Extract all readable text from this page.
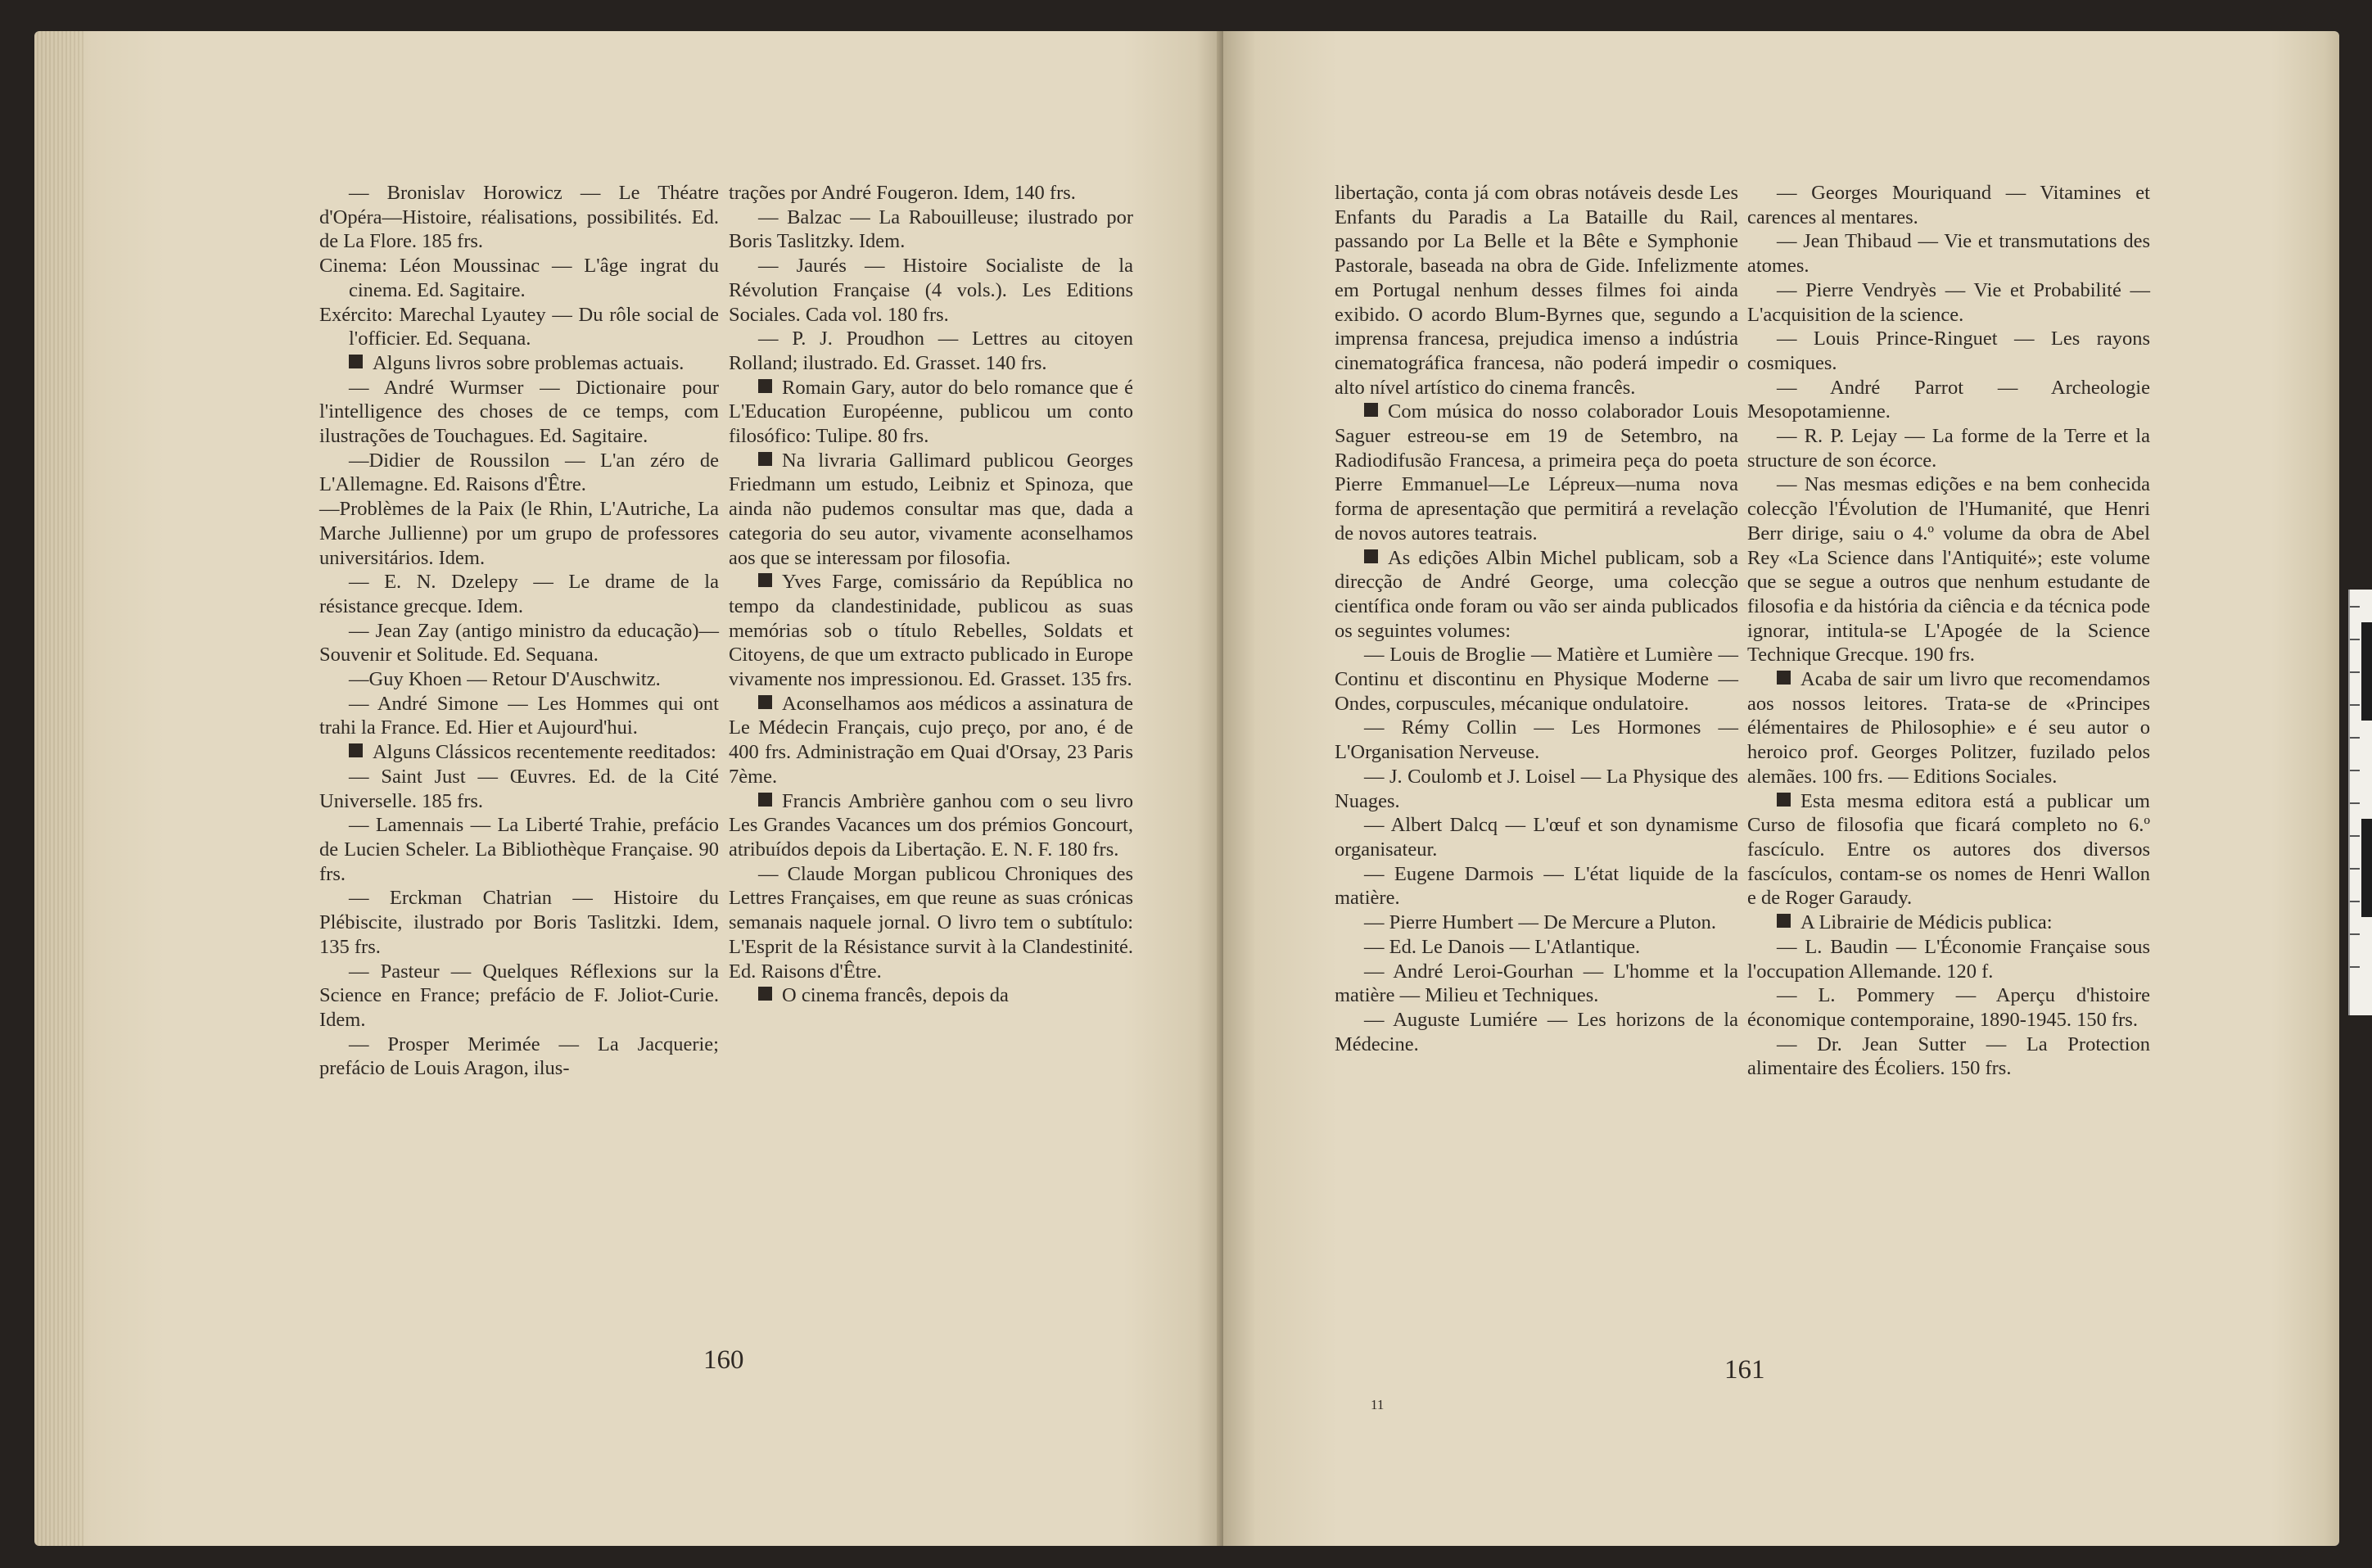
— Bronislav Horowicz — Le Théatre d'Opéra—Histoire, réalisations, possibilités. Ed. de La Flore. 185 frs.

Cinema: Léon Moussinac — L'âge ingrat du cinema. Ed. Sagitaire.

Exército: Marechal Lyautey — Du rôle social de l'officier. Ed. Sequana.

Alguns livros sobre problemas actuais.

— André Wurmser — Dictionaire pour l'intelligence des choses de ce temps, com ilustrações de Touchagues. Ed. Sagitaire.

—Didier de Roussilon — L'an zéro de L'Allemagne. Ed. Raisons d'Être.

—Problèmes de la Paix (le Rhin, L'Autriche, La Marche Jullienne) por um grupo de professores universitários. Idem.

— E. N. Dzelepy — Le drame de la résistance grecque. Idem.

— Jean Zay (antigo ministro da educação)—Souvenir et Solitude. Ed. Sequana.

—Guy Khoen — Retour D'Auschwitz.

— André Simone — Les Hommes qui ont trahi la France. Ed. Hier et Aujourd'hui.

Alguns Clássicos recentemente reeditados:

— Saint Just — Œuvres. Ed. de la Cité Universelle. 185 frs.

— Lamennais — La Liberté Trahie, prefácio de Lucien Scheler. La Bibliothèque Française. 90 frs.

— Erckman Chatrian — Histoire du Plébiscite, ilustrado por Boris Taslitzki. Idem, 135 frs.

— Pasteur — Quelques Réflexions sur la Science en France; prefácio de F. Joliot-Curie. Idem.

— Prosper Merimée — La Jacquerie; prefácio de Louis Aragon, ilus-

trações por André Fougeron. Idem, 140 frs.

— Balzac — La Rabouilleuse; ilustrado por Boris Taslitzky. Idem.

— Jaurés — Histoire Socialiste de la Révolution Française (4 vols.). Les Editions Sociales. Cada vol. 180 frs.

— P. J. Proudhon — Lettres au citoyen Rolland; ilustrado. Ed. Grasset. 140 frs.

Romain Gary, autor do belo romance que é L'Education Européenne, publicou um conto filosófico: Tulipe. 80 frs.

Na livraria Gallimard publicou Georges Friedmann um estudo, Leibniz et Spinoza, que ainda não pudemos consultar mas que, dada a categoria do seu autor, vivamente aconselhamos aos que se interessam por filosofia.

Yves Farge, comissário da República no tempo da clandestinidade, publicou as suas memórias sob o título Rebelles, Soldats et Citoyens, de que um extracto publicado in Europe vivamente nos impressionou. Ed. Grasset. 135 frs.

Aconselhamos aos médicos a assinatura de Le Médecin Français, cujo preço, por ano, é de 400 frs. Administração em Quai d'Orsay, 23 Paris 7ème.

Francis Ambrière ganhou com o seu livro Les Grandes Vacances um dos prémios Goncourt, atribuídos depois da Libertação. E. N. F. 180 frs.

— Claude Morgan publicou Chroniques des Lettres Françaises, em que reune as suas crónicas semanais naquele jornal. O livro tem o subtítulo: L'Esprit de la Résistance survit à la Clandestinité. Ed. Raisons d'Être.

O cinema francês, depois da

160

libertação, conta já com obras notáveis desde Les Enfants du Paradis a La Bataille du Rail, passando por La Belle et la Bête e Symphonie Pastorale, baseada na obra de Gide. Infelizmente em Portugal nenhum desses filmes foi ainda exibido. O acordo Blum-Byrnes que, segundo a imprensa francesa, prejudica imenso a indústria cinematográfica francesa, não poderá impedir o alto nível artístico do cinema francês.

Com música do nosso colaborador Louis Saguer estreou-se em 19 de Setembro, na Radiodifusão Francesa, a primeira peça do poeta Pierre Emmanuel—Le Lépreux—numa nova forma de apresentação que permitirá a revelação de novos autores teatrais.

As edições Albin Michel publicam, sob a direcção de André George, uma colecção científica onde foram ou vão ser ainda publicados os seguintes volumes:

— Louis de Broglie — Matière et Lumière — Continu et discontinu en Physique Moderne — Ondes, corpuscules, mécanique ondulatoire.

— Rémy Collin — Les Hormones — L'Organisation Nerveuse.

— J. Coulomb et J. Loisel — La Physique des Nuages.

— Albert Dalcq — L'œuf et son dynamisme organisateur.

— Eugene Darmois — L'état liquide de la matière.

— Pierre Humbert — De Mercure a Pluton.

— Ed. Le Danois — L'Atlantique.

— André Leroi-Gourhan — L'homme et la matière — Milieu et Techniques.

— Auguste Lumiére — Les horizons de la Médecine.

— Georges Mouriquand — Vitamines et carences al mentares.

— Jean Thibaud — Vie et transmutations des atomes.

— Pierre Vendryès — Vie et Probabilité — L'acquisition de la science.

— Louis Prince-Ringuet — Les rayons cosmiques.

— André Parrot — Archeologie Mesopotamienne.

— R. P. Lejay — La forme de la Terre et la structure de son écorce.

— Nas mesmas edições e na bem conhecida colecção l'Évolution de l'Humanité, que Henri Berr dirige, saiu o 4.º volume da obra de Abel Rey «La Science dans l'Antiquité»; este volume que se segue a outros que nenhum estudante de filosofia e da história da ciência e da técnica pode ignorar, intitula-se L'Apogée de la Science Technique Grecque. 190 frs.

Acaba de sair um livro que recomendamos aos nossos leitores. Trata-se de «Principes élémentaires de Philosophie» e é seu autor o heroico prof. Georges Politzer, fuzilado pelos alemães. 100 frs. — Editions Sociales.

Esta mesma editora está a publicar um Curso de filosofia que ficará completo no 6.º fascículo. Entre os autores dos diversos fascículos, contam-se os nomes de Henri Wallon e de Roger Garaudy.

A Librairie de Médicis publica:

— L. Baudin — L'Économie Française sous l'occupation Allemande. 120 f.

— L. Pommery — Aperçu d'histoire économique contemporaine, 1890-1945. 150 frs.

— Dr. Jean Sutter — La Protection alimentaire des Écoliers. 150 frs.

161
11
